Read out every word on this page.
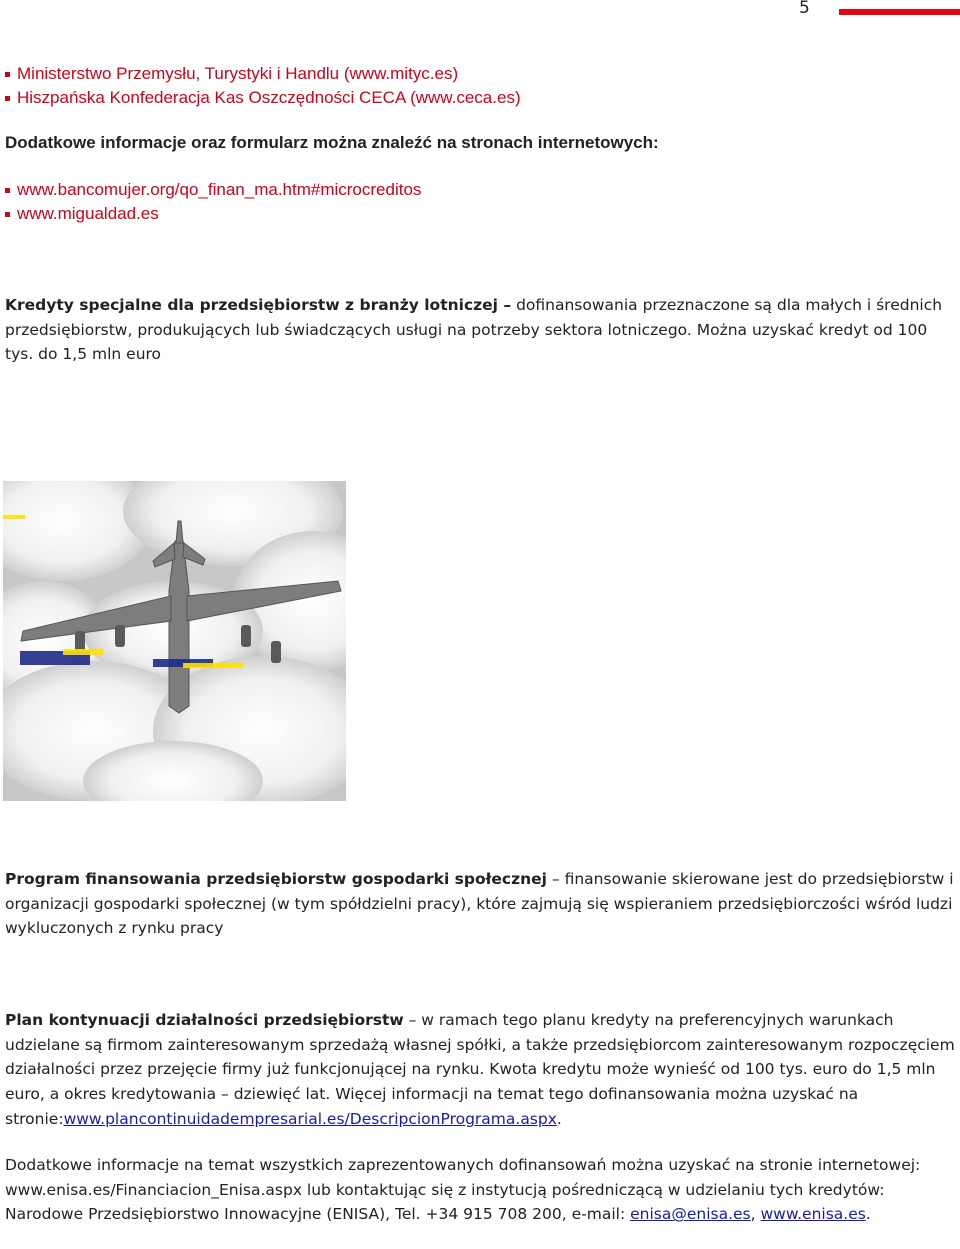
5
Ministerstwo Przemysłu, Turystyki i Handlu (www.mityc.es)
Hiszpańska Konfederacja Kas Oszczędności CECA (www.ceca.es)

Dodatkowe informacje oraz formularz można znaleźć na stronach internetowych:

www.bancomujer.org/qo_finan_ma.htm#microcreditos
www.migualdad.es

Kredyty specjalne dla przedsiębiorstw z branży lotniczej – dofinansowania przeznaczone są dla małych i średnich przedsiębiorstw, produkujących lub świadczących usługi na potrzeby sektora lotniczego. Można uzyskać kredyt od 100 tys. do 1,5 mln euro

Program finansowania przedsiębiorstw gospodarki społecznej – finansowanie skierowane jest do przedsiębiorstw i organizacji gospodarki społecznej (w tym spółdzielni pracy), które zajmują się wspieraniem przedsiębiorczości wśród ludzi wykluczonych z rynku pracy

Plan kontynuacji działalności przedsiębiorstw – w ramach tego planu kredyty na preferencyjnych warunkach udzielane są firmom zainteresowanym sprzedażą własnej spółki, a także przedsiębiorcom zainteresowanym rozpoczęciem działalności przez przejęcie firmy już funkcjonującej na rynku. Kwota kredytu może wynieść od 100 tys. euro do 1,5 mln euro, a okres kredytowania – dziewięć lat. Więcej informacji na temat tego dofinansowania można uzyskać na stronie:www.plancontinuidadempresarial.es/DescripcionPrograma.aspx.

Dodatkowe informacje na temat wszystkich zaprezentowanych dofinansowań można uzyskać na stronie internetowej: www.enisa.es/Financiacion_Enisa.aspx lub kontaktując się z instytucją pośredniczącą w udzielaniu tych kredytów: Narodowe Przedsiębiorstwo Innowacyjne (ENISA), Tel. +34 915 708 200, e-mail: enisa@enisa.es, www.enisa.es.
